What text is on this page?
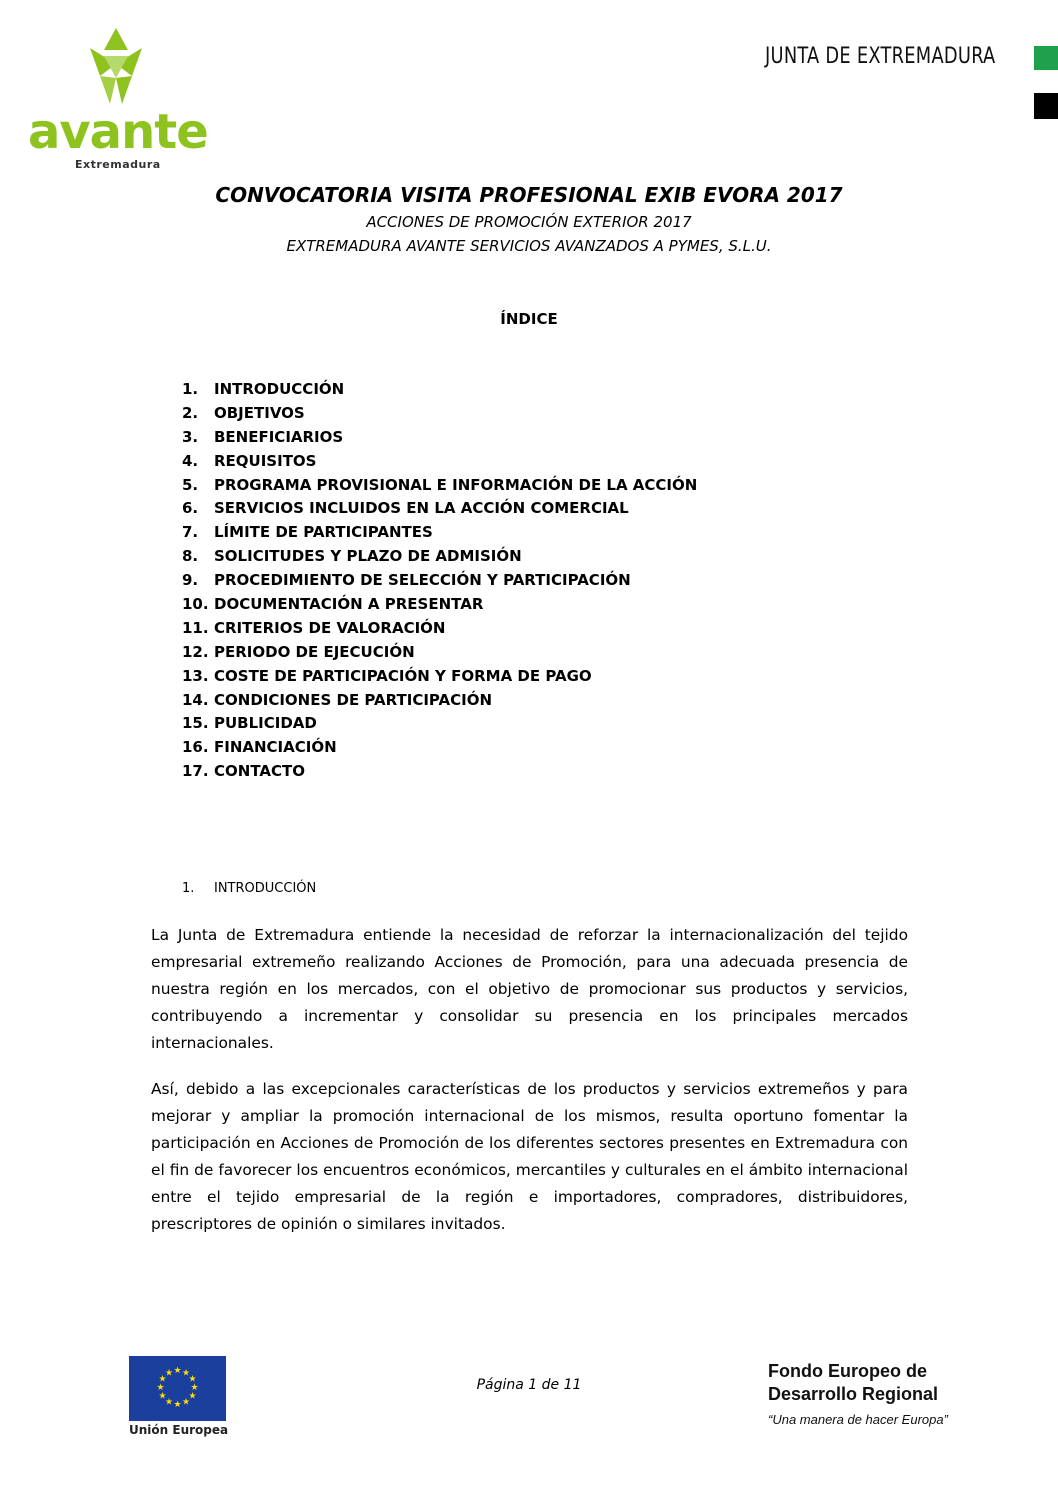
avante
Extremadura
JUNTA DE EXTREMADURA
CONVOCATORIA VISITA PROFESIONAL EXIB EVORA 2017
ACCIONES DE PROMOCIÓN EXTERIOR 2017
EXTREMADURA AVANTE SERVICIOS AVANZADOS A PYMES, S.L.U.
ÍNDICE
1. INTRODUCCIÓN
2. OBJETIVOS
3. BENEFICIARIOS
4. REQUISITOS
5. PROGRAMA PROVISIONAL E INFORMACIÓN DE LA ACCIÓN
6. SERVICIOS INCLUIDOS EN LA ACCIÓN COMERCIAL
7. LÍMITE DE PARTICIPANTES
8. SOLICITUDES Y PLAZO DE ADMISIÓN
9. PROCEDIMIENTO DE SELECCIÓN Y PARTICIPACIÓN
10. DOCUMENTACIÓN A PRESENTAR
11. CRITERIOS DE VALORACIÓN
12. PERIODO DE EJECUCIÓN
13. COSTE DE PARTICIPACIÓN Y FORMA DE PAGO
14. CONDICIONES DE PARTICIPACIÓN
15. PUBLICIDAD
16. FINANCIACIÓN
17. CONTACTO
1. INTRODUCCIÓN

La Junta de Extremadura entiende la necesidad de reforzar la internacionalización del tejido empresarial extremeño realizando Acciones de Promoción, para una adecuada presencia de nuestra región en los mercados, con el objetivo de promocionar sus productos y servicios, contribuyendo a incrementar y consolidar su presencia en los principales mercados internacionales.

Así, debido a las excepcionales características de los productos y servicios extremeños y para mejorar y ampliar la promoción internacional de los mismos, resulta oportuno fomentar la participación en Acciones de Promoción de los diferentes sectores presentes en Extremadura con el fin de favorecer los encuentros económicos, mercantiles y culturales en el ámbito internacional entre el tejido empresarial de la región e importadores, compradores, distribuidores, prescriptores de opinión o similares invitados.

★ ★
★
★
★
★
★
★
★
★
★
★
Unión Europea
Página 1 de 11
Fondo Europeo de
Desarrollo Regional
“Una manera de hacer Europa”
